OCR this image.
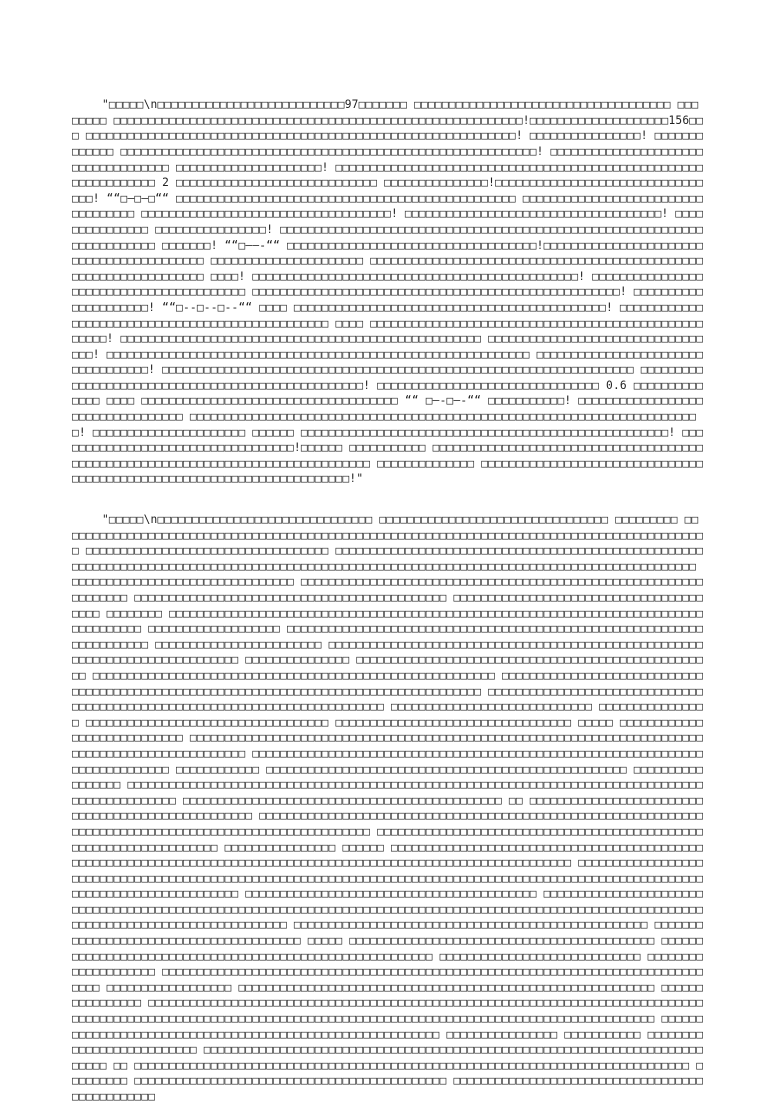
"□□□□□\n□□□□□□□□□□□□□□□□□□□□□□□□□□□97□□□□□□□ □□□□□□□□□□□□□□□□□□□□□□□□□□□□□□□□□□□□□ □□□□□□□□ □□□□□□□□□□□□□□□□□□□□□□□□□□□□□□□□□□□□□□□□□□□□□□□□□□□□□□□□□□□!□□□□□□□□□□□□□□□□□□□□156□□□ □□□□□□□□□□□□□□□□□□□□□□□□□□□□□□□□□□□□□□□□□□□□□□□□□□□□□□□□□□□□□□! □□□□□□□□□□□□□□□□! □□□□□□□□□□□□□ □□□□□□□□□□□□□□□□□□□□□□□□□□□□□□□□□□□□□□□□□□□□□□□□□□□□□□□□□□□□! □□□□□□□□□□□□□□□□□□□□□□□□□□□□□□□□□□□□ □□□□□□□□□□□□□□□□□□□□□! □□□□□□□□□□□□□□□□□□□□□□□□□□□□□□□□□□□□□□□□□□□□□□□□□□□□□□□□□□□□□□□□□ 2 □□□□□□□□□□□□□□□□□□□□□□□□□□□□□ □□□□□□□□□□□□□□□!□□□□□□□□□□□□□□□□□□□□□□□□□□□□□□□□□! ““□—□—□““ □□□□□□□□□□□□□□□□□□□□□□□□□□□□□□□□□□□□□□□□□□□□□□□□□ □□□□□□□□□□□□□□□□□□□□□□□□□□□□□□□□□□□ □□□□□□□□□□□□□□□□□□□□□□□□□□□□□□□□□□□□! □□□□□□□□□□□□□□□□□□□□□□□□□□□□□□□□□□□□□! □□□□□□□□□□□□□□□ □□□□□□□□□□□□□□□□! □□□□□□□□□□□□□□□□□□□□□□□□□□□□□□□□□□□□□□□□□□□□□□□□□□□□□□□□□□□□□□□□□□□□□□□□□ □□□□□□□! ““□——-““ □□□□□□□□□□□□□□□□□□□□□□□□□□□□□□□□□□□□!□□□□□□□□□□□□□□□□□□□□□□□□□□□□□□□□□□□□□□□□□□ □□□□□□□□□□□□□□□□□□□□□□ □□□□□□□□□□□□□□□□□□□□□□□□□□□□□□□□□□□□□□□□□□□□□□□□□□□□□□□□□□□□□□□□□□□ □□□□! □□□□□□□□□□□□□□□□□□□□□□□□□□□□□□□□□□□□□□□□□□□□□□□! □□□□□□□□□□□□□□□□□□□□□□□□□□□□□□□□□□□□□□□□□ □□□□□□□□□□□□□□□□□□□□□□□□□□□□□□□□□□□□□□□□□□□□□□□□□□□□□! □□□□□□□□□□□□□□□□□□□□□! ““□--□--□--““ □□□□ □□□□□□□□□□□□□□□□□□□□□□□□□□□□□□□□□□□□□□□□□□□□□! □□□□□□□□□□□□□□□□□□□□□□□□□□□□□□□□□□□□□□□□□□□□□□□□□ □□□□ □□□□□□□□□□□□□□□□□□□□□□□□□□□□□□□□□□□□□□□□□□□□□□□□□□□□□! □□□□□□□□□□□□□□□□□□□□□□□□□□□□□□□□□□□□□□□□□□□□□□□□□□□□ □□□□□□□□□□□□□□□□□□□□□□□□□□□□□□□□□□! □□□□□□□□□□□□□□□□□□□□□□□□□□□□□□□□□□□□□□□□□□□□□□□□□□□□□□□□□□□□□ □□□□□□□□□□□□□□□□□□□□□□□□□□□□□□□□□□□! □□□□□□□□□□□□□□□□□□□□□□□□□□□□□□□□□□□□□□□□□□□□□□□□□□□□□□□□□□□□□□□□□□□□ □□□□□□□□□□□□□□□□□□□□□□□□□□□□□□□□□□□□□□□□□□□□□□□□□□□! □□□□□□□□□□□□□□□□□□□□□□□□□□□□□□□□ 0.6 □□□□□□□□□□□□□□ □□□□ □□□□□□□□□□□□□□□□□□□□□□□□□□□□□□□□□□□□□ ““ □—-□—-““ □□□□□□□□□□□! □□□□□□□□□□□□□□□□□□□□□□□□□□□□□□□□□□ □□□□□□□□□□□□□□□□□□□□□□□□□□□□□□□□□□□□□□□□□□□□□□□□□□□□□□□□□□□□□□□□□□□□□□□□□□! □□□□□□□□□□□□□□□□□□□□□□ □□□□□□ □□□□□□□□□□□□□□□□□□□□□□□□□□□□□□□□□□□□□□□□□□□□□□□□□□□□□! □□□□□□□□□□□□□□□□□□□□□□□□□□□□□□□□□□□!□□□□□□ □□□□□□□□□□□ □□□□□□□□□□□□□□□□□□□□□□□□□□□□□□□□□□□□□□□□□□□□□□□□□□□□□□□□□□□□□□□□□□□□□□□□□□□□□□□□□□ □□□□□□□□□□□□□□ □□□□□□□□□□□□□□□□□□□□□□□□□□□□□□□□□□□□□□□□□□□□□□□□□□□□□□□□□□□□□□□□□□□□□□□□!"

"□□□□□\n□□□□□□□□□□□□□□□□□□□□□□□□□□□□□□□ □□□□□□□□□□□□□□□□□□□□□□□□□□□□□□□□□ □□□□□□□□□ □□□□□□□□□□□□□□□□□□□□□□□□□□□□□□□□□□□□□□□□□□□□□□□□□□□□□□□□□□□□□□□□□□□□□□□□□□□□□□□□□□□□□□□□□□□□□□ □□□□□□□□□□□□□□□□□□□□□□□□□□□□□□□□□□□ □□□□□□□□□□□□□□□□□□□□□□□□□□□□□□□□□□□□□□□□□□□□□□□□□□□□□ □□□□□□□□□□□□□□□□□□□□□□□□□□□□□□□□□□□□□□□□□□□□□□□□□□□□□□□□□□□□□□□□□□□□□□□□□□□□□□□□□□□□□□□□□□ □□□□□□□□□□□□□□□□□□□□□□□□□□□□□□□□ □□□□□□□□□□□□□□□□□□□□□□□□□□□□□□□□□□□□□□□□□□□□□□□□□□□□□□□□□□□□□□□□□□ □□□□□□□□□□□□□□□□□□□□□□□□□□□□□□□□□□□□□□□□□□□□□ □□□□□□□□□□□□□□□□□□□□□□□□□□□□□□□□□□□□□□□□ □□□□□□□□ □□□□□□□□□□□□□□□□□□□□□□□□□□□□□□□□□□□□□□□□□□□□□□□□□□□□□□□□□□□□□□□□□□□□□□□□□□□□□□□□□□□□□□□ □□□□□□□□□□□□□□□□□□□ □□□□□□□□□□□□□□□□□□□□□□□□□□□□□□□□□□□□□□□□□□□□□□□□□□□□□□□□□□□□□□□□□□□□□□□ □□□□□□□□□□□□□□□□□□□□□□□□ □□□□□□□□□□□□□□□□□□□□□□□□□□□□□□□□□□□□□□□□□□□□□□□□□□□□□□□□□□□□□□□□□□□□□□□□□□□□□□ □□□□□□□□□□□□□□□ □□□□□□□□□□□□□□□□□□□□□□□□□□□□□□□□□□□□□□□□□□□□□□□□□□□□ □□□□□□□□□□□□□□□□□□□□□□□□□□□□□□□□□□□□□□□□□□□□□□□□□□□□□□□□□□ □□□□□□□□□□□□□□□□□□□□□□□□□□□□□□□□□□□□□□□□□□□□□□□□□□□□□□□□□□□□□□□□□□□□□□□□□□□□□□□□□□□□□□□□ □□□□□□□□□□□□□□□□□□□□□□□□□□□□□□□□□□□□□□□□□□□□□□□□□□□□□□□□□□□□□□□□□□□□□□□□□□□□ □□□□□□□□□□□□□□□□□□□□□□□□□□□□□ □□□□□□□□□□□□□□□□ □□□□□□□□□□□□□□□□□□□□□□□□□□□□□□□□□□□ □□□□□□□□□□□□□□□□□□□□□□□□□□□□□□□□□□ □□□□□ □□□□□□□□□□□□ □□□□□□□□□□□□□□□□ □□□□□□□□□□□□□□□□□□□□□□□□□□□□□□□□□□□□□□□□□□□□□□□□□□□□□□□□□□□□□□□□□□□□□□□□□□□□□□□□□□□□□□□□□□□□□□□□□□□ □□□□□□□□□□□□□□□□□□□□□□□□□□□□□□□□□□□□□□□□□□□□□□□□□□□□□□□□□□□□□□□□□□□□□□□□□□□□□□□ □□□□□□□□□□□□ □□□□□□□□□□□□□□□□□□□□□□□□□□□□□□□□□□□□□□□□□□□□□□□□□□□□ □□□□□□□□□□□□□□□□□ □□□□□□□□□□□□□□□□□□□□□□□□□□□□□□□□□□□□□□□□□□□□□□□□□□□□□□□□□□□□□□□□□□□□□□□□□□□□□□□□□□□□□□□□□□□□□□□□□□ □□□□□□□□□□□□□□□□□□□□□□□□□□□□□□□□□□□□□□□□□□□□□□ □□ □□□□□□□□□□□□□□□□□□□□□□□□□□□□□□□□□□□□□□□□□□□□□□□□□□□ □□□□□□□□□□□□□□□□□□□□□□□□□□□□□□□□□□□□□□□□□□□□□□□□□□□□□□□□□□□□□□□□□□□□□□□□□□□□□□□□□□□□□□□□□□□□□□□□□□□□□□□□□□□ □□□□□□□□□□□□□□□□□□□□□□□□□□□□□□□□□□□□□□□□□□□□□□□□□□□□□□□□□□□□□□□□□□□□ □□□□□□□□□□□□□□□□ □□□□□□ □□□□□□□□□□□□□□□□□□□□□□□□□□□□□□□□□□□□□□□□□□□□□□□□□□□□□□□□□□□□□□□□□□□□□□□□□□□□□□□□□□□□□□□□□□□□□□□□□□□□□□□□□□□□□□□□□□□□□ □□□□□□□□□□□□□□□□□□□□□□□□□□□□□□□□□□□□□□□□□□□□□□□□□□□□□□□□□□□□□□□□□□□□□□□□□□□□□□□□□□□□□□□□□□□□□□□□□□□□□□□□□□□□□□□□□□□□□□□□□□□□□□□□□□□□□ □□□□□□□□□□□□□□□□□□□□□□□□□□□□□□□□□□□□□□□□□□ □□□□□□□□□□□□□□□□□□□□□□□□□□□□□□□□□□□□□□□□□□□□□□□□□□□□□□□□□□□□□□□□□□□□□□□□□□□□□□□□□□□□□□□□□□□□□□□□□□□□□□□□□□□□□□□□□□□□□□□□□□□□□□□□□□□□□□□□□□□□□□□□□ □□□□□□□□□□□□□□□□□□□□□□□□□□□□□□□□□□□□□□□□□□□□□□□□□□□ □□□□□□□□□□□□□□□□□□□□□□□□□□□□□□□□□□□□□□□□ □□□□□ □□□□□□□□□□□□□□□□□□□□□□□□□□□□□□□□□□□□□□□□□□□□ □□□□□□□□□□□□□□□□□□□□□□□□□□□□□□□□□□□□□□□□□□□□□□□□□□□□□□□□□□ □□□□□□□□□□□□□□□□□□□□□□□□□□□□□ □□□□□□□□□□□□□□□□□□□□ □□□□□□□□□□□□□□□□□□□□□□□□□□□□□□□□□□□□□□□□□□□□□□□□□□□□□□□□□□□□□□□□□□□□□□□□□□□□□□□□□□ □□□□□□□□□□□□□□□□□□ □□□□□□□□□□□□□□□□□□□□□□□□□□□□□□□□□□□□□□□□□□□□□□□□□□□□□□□□□□□□ □□□□□□□□□□□□□□□□ □□□□□□□□□□□□□□□□□□□□□□□□□□□□□□□□□□□□□□□□□□□□□□□□□□□□□□□□□□□□□□□□□□□□□□□□□□□□□□□□□□□□□□□□□□□□□□□□□□□□□□□□□□□□□□□□□□□□□□□□□□□□□□□□□□□□□□□□□□□□□□□□□□□□□□□□□□□□□□□□□□□□ □□□□□□□□□□□□□□□□□□□□□□□□□□□□□□□□□□□□□□□□□□□□□□□□□□□□□□□□□□□ □□□□□□□□□□□□□□□□ □□□□□□□□□□□ □□□□□□□□□□□□□□□□□□□□□□□□□□ □□□□□□□□□□□□□□□□□□□□□□□□□□□□□□□□□□□□□□□□□□□□□□□□□□□□□□□□□□□□□□□□□□□□□□□□□□□□□ □□ □□□□□□□□□□□□□□□□□□□□□□□□□□□□□□□□□□□□□□□□□□□□□□□□□□□□□□□□□□□□□□□□□□□□□□□□□□□□□□□□ □□□□□□□□□ □□□□□□□□□□□□□□□□□□□□□□□□□□□□□□□□□□□□□□□□□□□□□ □□□□□□□□□□□□□□□□□□□□□□□□□□□□□□□□□□□□□□□□□□□□□□□□
